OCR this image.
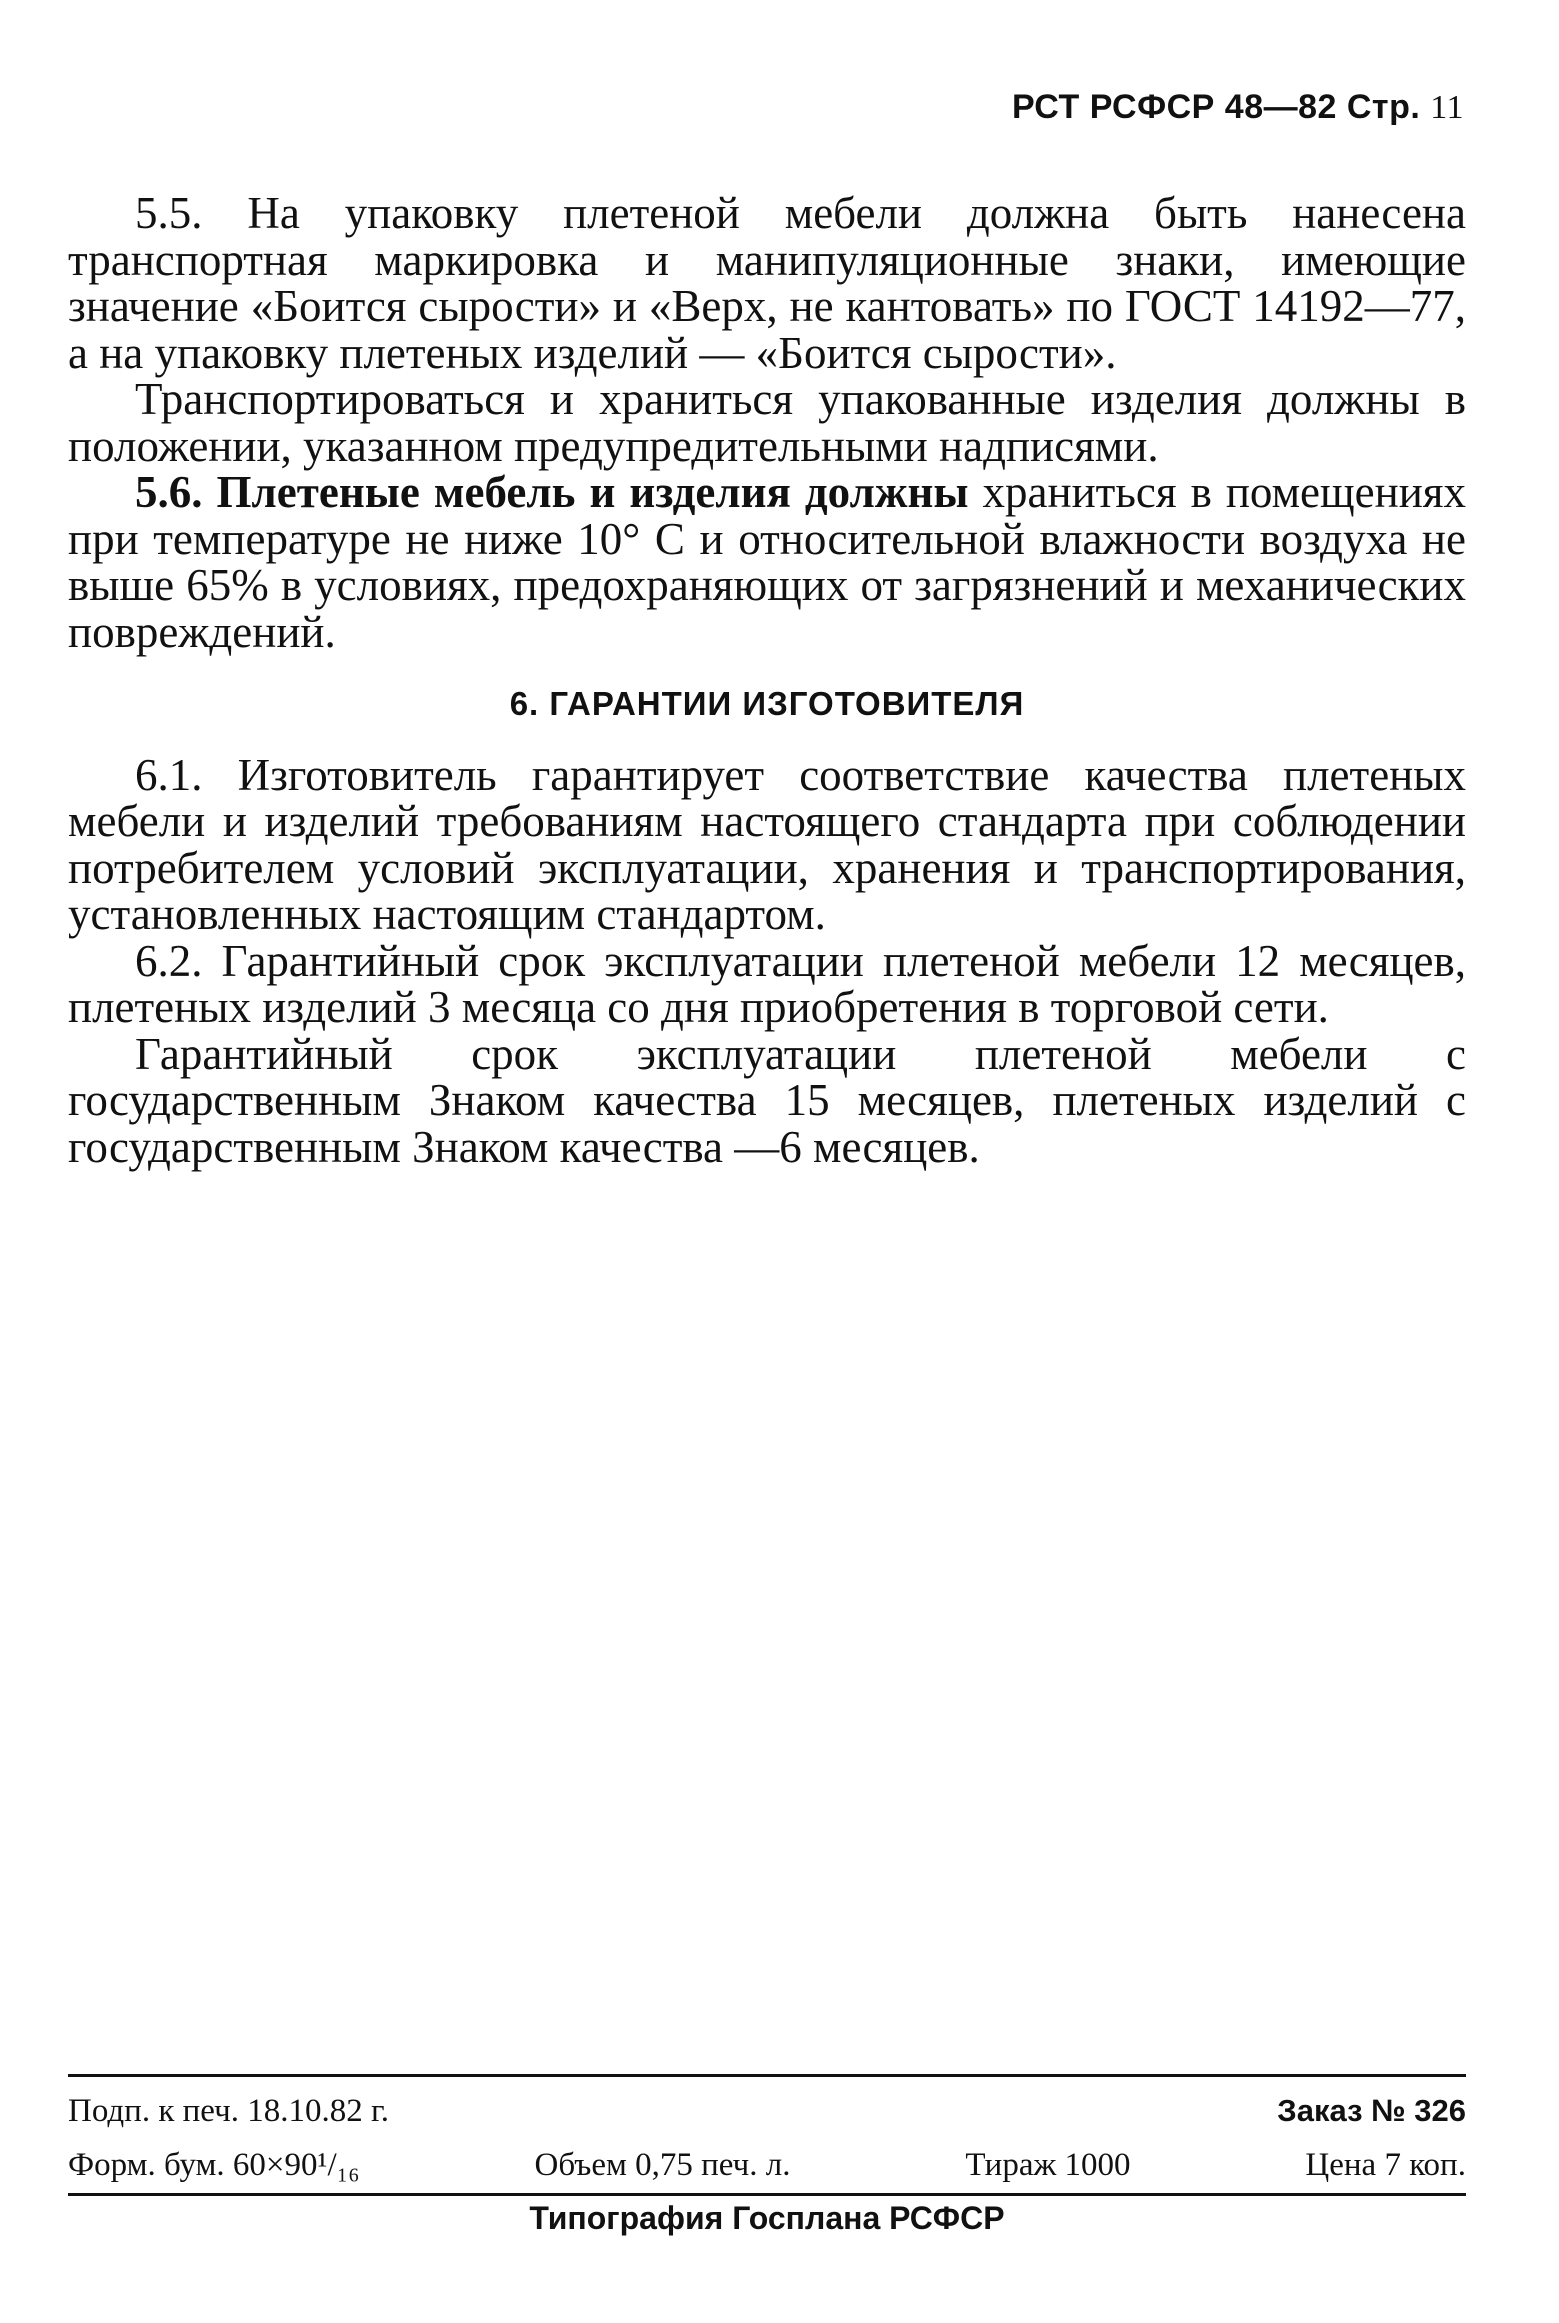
РСТ РСФСР 48—82 Стр. 11

5.5. На упаковку плетеной мебели должна быть нанесена транспортная маркировка и манипуляционные знаки, имеющие значение «Боится сырости» и «Верх, не кантовать» по ГОСТ 14192—77, а на упаковку плетеных изделий — «Боится сырости».

Транспортироваться и храниться упакованные изделия должны в положении, указанном предупредительными надписями.

5.6. Плетеные мебель и изделия должны храниться в помещениях при температуре не ниже 10° С и относительной влажности воздуха не выше 65% в условиях, предохраняющих от загрязнений и механических повреждений.

6. ГАРАНТИИ ИЗГОТОВИТЕЛЯ

6.1. Изготовитель гарантирует соответствие качества плетеных мебели и изделий требованиям настоящего стандарта при соблюдении потребителем условий эксплуатации, хранения и транспортирования, установленных настоящим стандартом.

6.2. Гарантийный срок эксплуатации плетеной мебели 12 месяцев, плетеных изделий 3 месяца со дня приобретения в торговой сети.

Гарантийный срок эксплуатации плетеной мебели с государственным Знаком качества 15 месяцев, плетеных изделий с государственным Знаком качества —6 месяцев.

Подп. к печ. 18.10.82 г.	Заказ № 326
Форм. бум. 60×90¹/₁₆	Объем 0,75 печ. л.	Тираж 1000	Цена 7 коп.
Типография Госплана РСФСР
